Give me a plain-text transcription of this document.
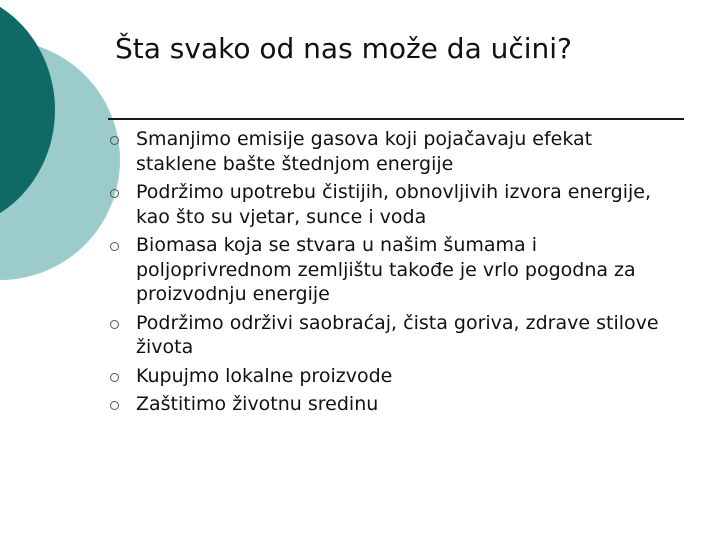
Šta svako od nas može da učini?
Smanjimo emisije gasova koji pojačavaju efekat staklene bašte štednjom energije
Podržimo upotrebu čistijih, obnovljivih izvora energije, kao što su vjetar, sunce i voda
Biomasa koja se stvara u našim šumama i poljoprivrednom zemljištu takođe je vrlo pogodna za proizvodnju energije
Podržimo održivi saobraćaj, čista goriva, zdrave stilove života
Kupujmo lokalne proizvode
Zaštitimo životnu sredinu
